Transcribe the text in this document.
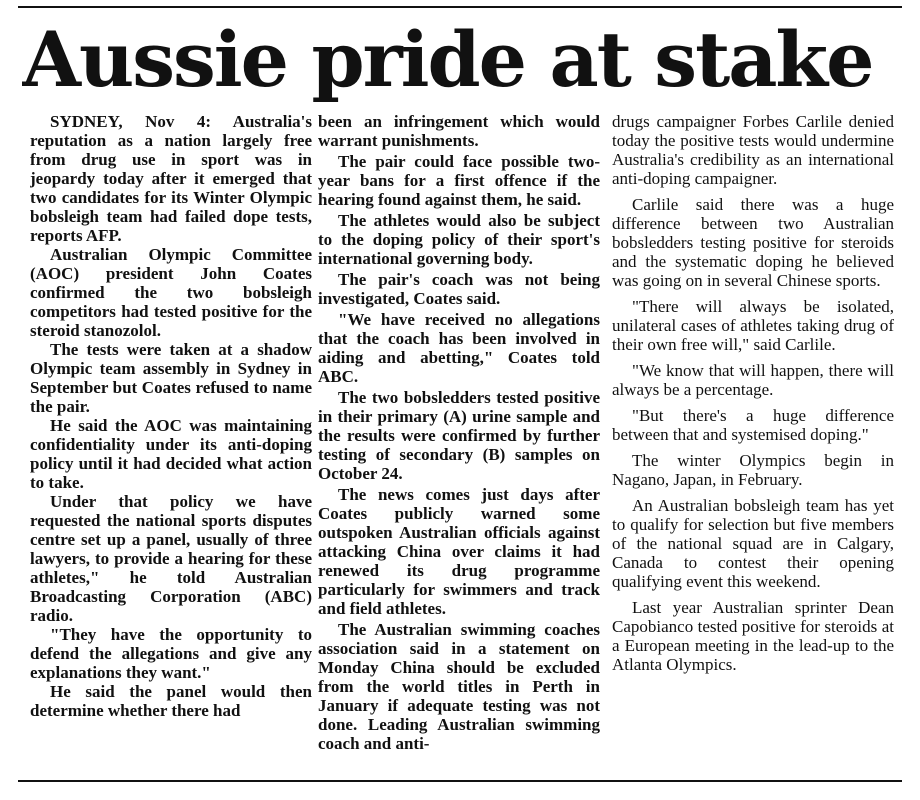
Aussie pride at stake

SYDNEY, Nov 4: Australia's reputation as a nation largely free from drug use in sport was in jeopardy today after it emerged that two candidates for its Winter Olympic bobsleigh team had failed dope tests, reports AFP.

Australian Olympic Committee (AOC) president John Coates confirmed the two bobsleigh competitors had tested positive for the steroid stanozolol.

The tests were taken at a shadow Olympic team assembly in Sydney in September but Coates refused to name the pair.

He said the AOC was maintaining confidentiality under its anti-doping policy until it had decided what action to take.

Under that policy we have requested the national sports disputes centre set up a panel, usually of three lawyers, to provide a hearing for these athletes," he told Australian Broadcasting Corporation (ABC) radio.

"They have the opportunity to defend the allegations and give any explanations they want."

He said the panel would then determine whether there had

been an infringement which would warrant punishments.

The pair could face possible two-year bans for a first offence if the hearing found against them, he said.

The athletes would also be subject to the doping policy of their sport's international governing body.

The pair's coach was not being investigated, Coates said.

"We have received no allegations that the coach has been involved in aiding and abetting," Coates told ABC.

The two bobsledders tested positive in their primary (A) urine sample and the results were confirmed by further testing of secondary (B) samples on October 24.

The news comes just days after Coates publicly warned some outspoken Australian officials against attacking China over claims it had renewed its drug programme particularly for swimmers and track and field athletes.

The Australian swimming coaches association said in a statement on Monday China should be excluded from the world titles in Perth in January if adequate testing was not done. Leading Australian swimming coach and anti-

drugs campaigner Forbes Carlile denied today the positive tests would undermine Australia's credibility as an international anti-doping campaigner.

Carlile said there was a huge difference between two Australian bobsledders testing positive for steroids and the systematic doping he believed was going on in several Chinese sports.

"There will always be isolated, unilateral cases of athletes taking drug of their own free will," said Carlile.

"We know that will happen, there will always be a percentage.

"But there's a huge difference between that and systemised doping."

The winter Olympics begin in Nagano, Japan, in February.

An Australian bobsleigh team has yet to qualify for selection but five members of the national squad are in Calgary, Canada to contest their opening qualifying event this weekend.

Last year Australian sprinter Dean Capobianco tested positive for steroids at a European meeting in the lead-up to the Atlanta Olympics.
